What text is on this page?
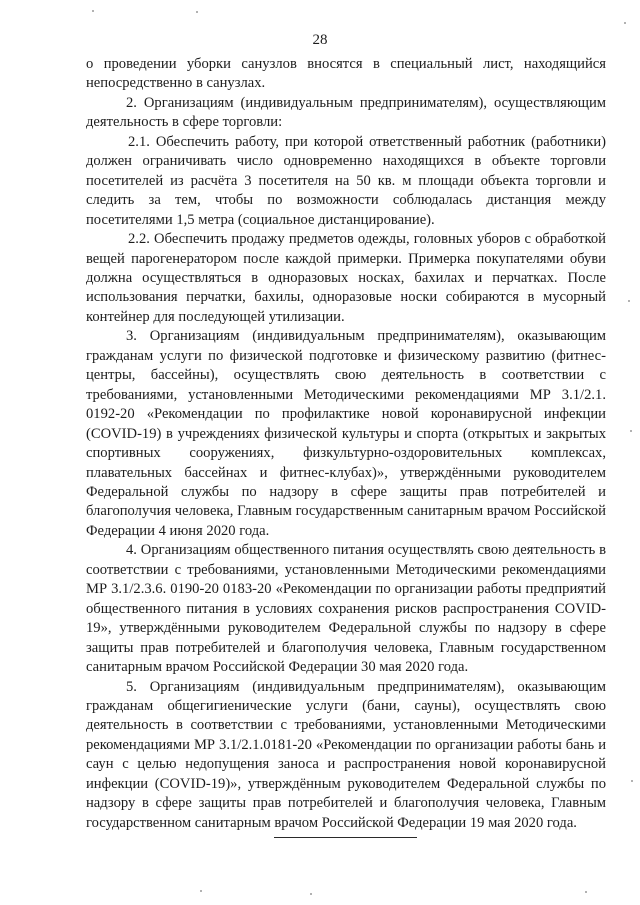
28

о проведении уборки санузлов вносятся в специальный лист, находящийся непосредственно в санузлах.

2. Организациям (индивидуальным предпринимателям), осуществляющим деятельность в сфере торговли:

2.1. Обеспечить работу, при которой ответственный работник (работники) должен ограничивать число одновременно находящихся в объекте торговли посетителей из расчёта 3 посетителя на 50 кв. м площади объекта торговли и следить за тем, чтобы по возможности соблюдалась дистанция между посетителями 1,5 метра (социальное дистанцирование).

2.2. Обеспечить продажу предметов одежды, головных уборов с обработкой вещей парогенератором после каждой примерки. Примерка покупателями обуви должна осуществляться в одноразовых носках, бахилах и перчатках. После использования перчатки, бахилы, одноразовые носки собираются в мусорный контейнер для последующей утилизации.

3. Организациям (индивидуальным предпринимателям), оказывающим гражданам услуги по физической подготовке и физическому развитию (фитнес-центры, бассейны), осуществлять свою деятельность в соответствии с требованиями, установленными Методическими рекомендациями МР 3.1/2.1. 0192-20 «Рекомендации по профилактике новой коронавирусной инфекции (COVID-19) в учреждениях физической культуры и спорта (открытых и закрытых спортивных сооружениях, физкультурно-оздоровительных комплексах, плавательных бассейнах и фитнес-клубах)», утверждёнными руководителем Федеральной службы по надзору в сфере защиты прав потребителей и благополучия человека, Главным государственным санитарным врачом Российской Федерации 4 июня 2020 года.

4. Организациям общественного питания осуществлять свою деятельность в соответствии с требованиями, установленными Методическими рекомендациями МР 3.1/2.3.6. 0190-20 0183-20 «Рекомендации по организации работы предприятий общественного питания в условиях сохранения рисков распространения COVID-19», утверждёнными руководителем Федеральной службы по надзору в сфере защиты прав потребителей и благополучия человека, Главным государственном санитарным врачом Российской Федерации 30 мая 2020 года.

5. Организациям (индивидуальным предпринимателям), оказывающим гражданам общегигиенические услуги (бани, сауны), осуществлять свою деятельность в соответствии с требованиями, установленными Методическими рекомендациями МР 3.1/2.1.0181-20 «Рекомендации по организации работы бань и саун с целью недопущения заноса и распространения новой коронавирусной инфекции (COVID-19)», утверждённым руководителем Федеральной службы по надзору в сфере защиты прав потребителей и благополучия человека, Главным государственном санитарным врачом Российской Федерации 19 мая 2020 года.
